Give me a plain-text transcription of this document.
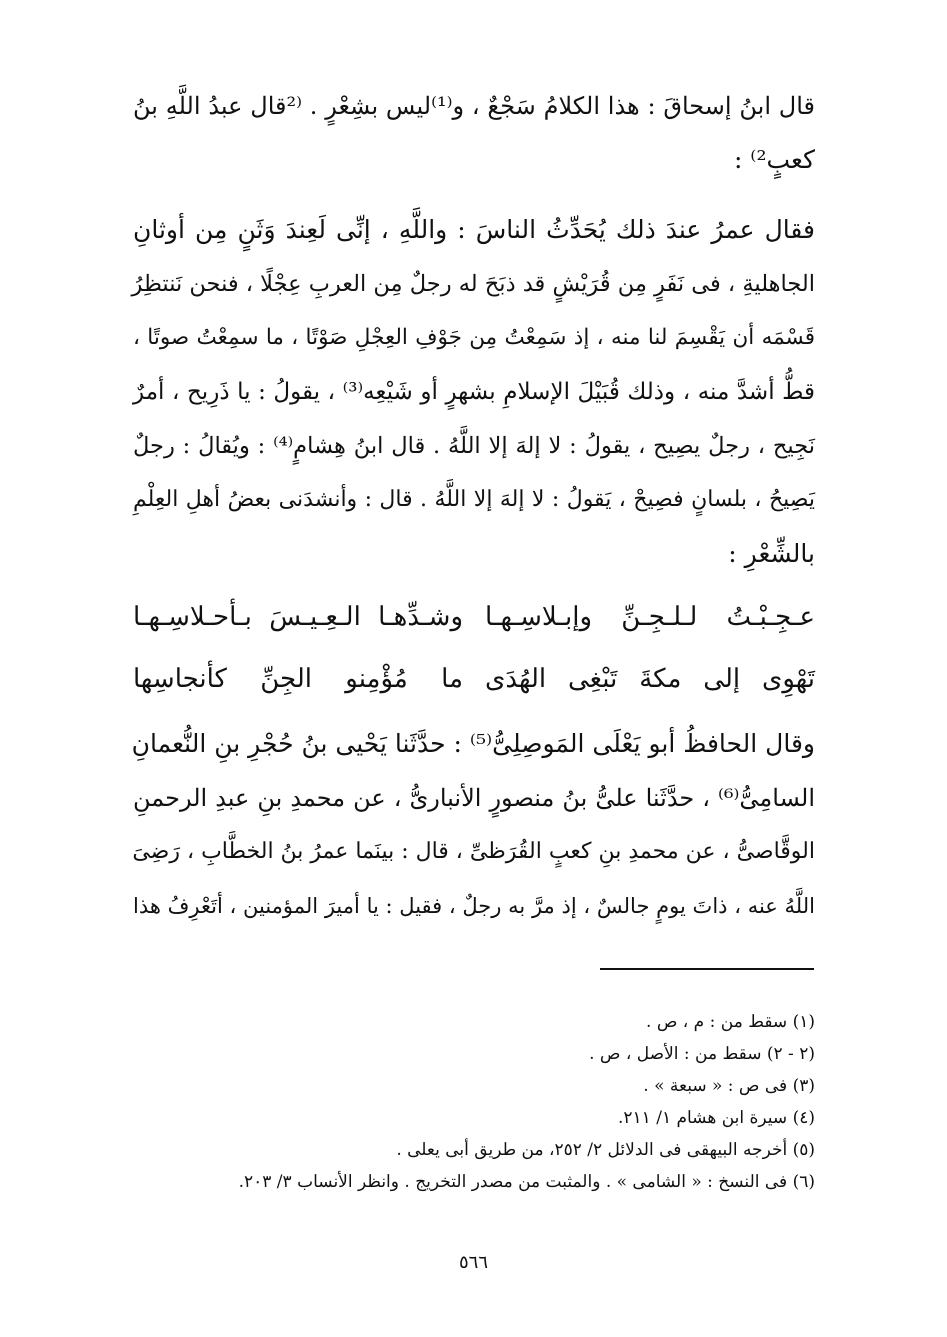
قال ابنُ إسحاقَ : هذا الكلامُ سَجْعٌ ، و⁽¹⁾ليس بشِعْرٍ . ⁽²قال عبدُ اللَّهِ بنُ
كعبٍ²⁾ :
فقال عمرُ عندَ ذلك يُحَدِّثُ الناسَ : واللَّهِ ، إنِّى لَعِندَ وَثَنٍ مِن أوثانِ
الجاهليةِ ، فى نَفَرٍ مِن قُرَيْشٍ قد ذبَحَ له رجلٌ مِن العربِ عِجْلًا ، فنحن نَنتظِرُ
قَسْمَه أن يَقْسِمَ لنا منه ، إذ سَمِعْتُ مِن جَوْفِ العِجْلِ صَوْتًا ، ما سمِعْتُ صوتًا ،
قطُّ أشدَّ منه ، وذلك قُبَيْلَ الإسلامِ بشهرٍ أو شَيْعِه⁽³⁾ ، يقولُ : يا ذَرِيح ، أمرٌ
نَجِيح ، رجلٌ يصِيح ، يقولُ : لا إلهَ إلا اللَّهُ . قال ابنُ هِشامٍ⁽⁴⁾ : ويُقالُ : رجلٌ
يَصِيحُ ، بلسانٍ فصِيحْ ، يَقولُ : لا إلهَ إلا اللَّهُ . قال : وأنشدَنى بعضُ أهلِ العِلْمِ
بالشِّعْرِ :
عـجِـبْـتُ لـلـجِـنِّ وإبـلاسِـهـا
وشـدِّهـا الـعِـيـسَ بـأحـلاسِـهـا
تَهْوِى إلى مكةَ تَبْغِى الهُدَى
ما مُؤْمِنو الجِنِّ كأنجاسِها
وقال الحافظُ أبو يَعْلَى المَوصِلِىُّ⁽⁵⁾ : حدَّثَنا يَحْيى بنُ حُجْرِ بنِ النُّعمانِ
السامِىُّ⁽⁶⁾ ، حدَّثَنا علىُّ بنُ منصورٍ الأنبارىُّ ، عن محمدِ بنِ عبدِ الرحمنِ
الوقَّاصىُّ ، عن محمدِ بنِ كعبٍ القُرَظىِّ ، قال : بينَما عمرُ بنُ الخطَّابِ ، رَضِىَ
اللَّهُ عنه ، ذاتَ يومٍ جالسٌ ، إذ مرَّ به رجلٌ ، فقيل : يا أميرَ المؤمنين ، أتَعْرِفُ هذا
(١) سقط من : م ، ص .
(٢ - ٢) سقط من : الأصل ، ص .
(٣) فى ص : « سبعة » .
(٤) سيرة ابن هشام ١/ ٢١١.
(٥) أخرجه البيهقى فى الدلائل ٢/ ٢٥٢، من طريق أبى يعلى .
(٦) فى النسخ : « الشامى » . والمثبت من مصدر التخريج . وانظر الأنساب ٣/ ٢٠٣.
٥٦٦
